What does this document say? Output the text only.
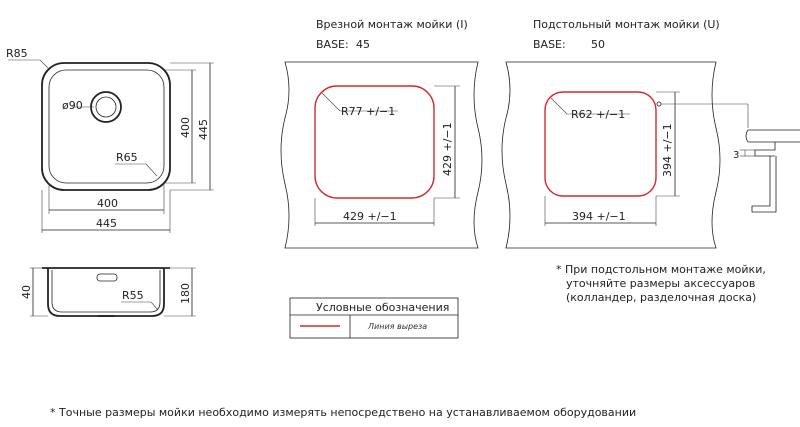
ø90
R85
R65
400
445
400 445
40	180
R55
Врезной монтаж мойки (I)
BASE: 45
R77 +/−1
429 +/−1
429 +/−1
Подстольный монтаж мойки (U)
BASE: 50
R62 +/−1
394 +/−1
394 +/−1	3
* При подстольном монтаже мойки,
уточняйте размеры аксессуаров
(колландер, разделочная доска)
Условные обозначения
Линия выреза
* Точные размеры мойки необходимо измерять непосредствено на устанавливаемом оборудовании
